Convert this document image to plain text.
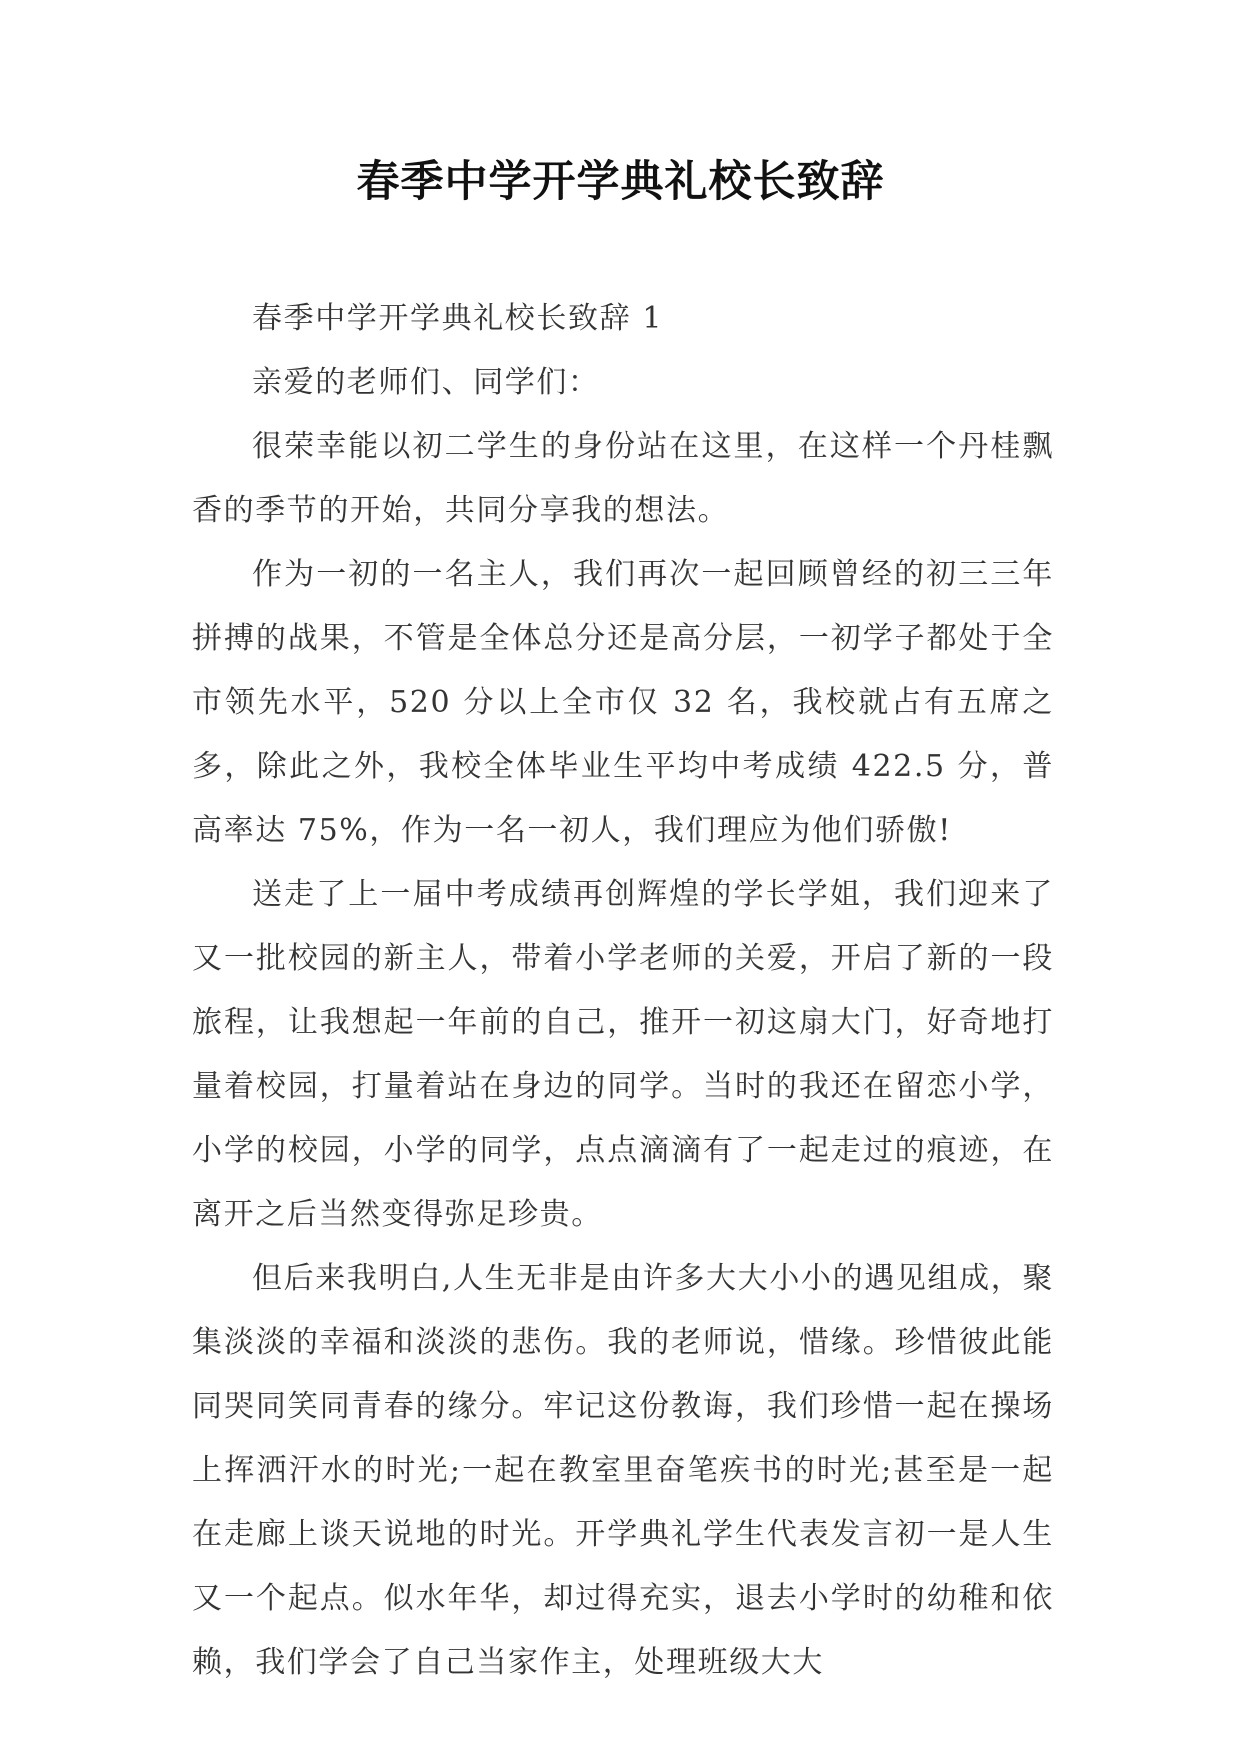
春季中学开学典礼校长致辞

春季中学开学典礼校长致辞 1

亲爱的老师们、同学们：

很荣幸能以初二学生的身份站在这里，在这样一个丹桂飘香的季节的开始，共同分享我的想法。

作为一初的一名主人，我们再次一起回顾曾经的初三三年拼搏的战果，不管是全体总分还是高分层，一初学子都处于全市领先水平，520 分以上全市仅 32 名，我校就占有五席之多，除此之外，我校全体毕业生平均中考成绩 422.5 分，普高率达 75%，作为一名一初人，我们理应为他们骄傲!

送走了上一届中考成绩再创辉煌的学长学姐，我们迎来了又一批校园的新主人，带着小学老师的关爱，开启了新的一段旅程，让我想起一年前的自己，推开一初这扇大门，好奇地打量着校园，打量着站在身边的同学。当时的我还在留恋小学，小学的校园，小学的同学，点点滴滴有了一起走过的痕迹，在离开之后当然变得弥足珍贵。

但后来我明白,人生无非是由许多大大小小的遇见组成，聚集淡淡的幸福和淡淡的悲伤。我的老师说，惜缘。珍惜彼此能同哭同笑同青春的缘分。牢记这份教诲，我们珍惜一起在操场上挥洒汗水的时光;一起在教室里奋笔疾书的时光;甚至是一起在走廊上谈天说地的时光。开学典礼学生代表发言初一是人生又一个起点。似水年华，却过得充实，退去小学时的幼稚和依赖，我们学会了自己当家作主，处理班级大大
